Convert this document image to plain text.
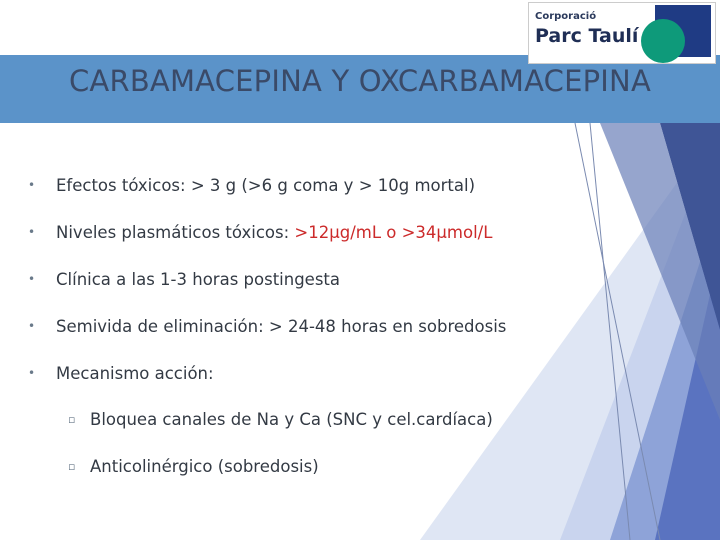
CARBAMACEPINA Y OXCARBAMACEPINA
Corporació
Parc Taulí
• Efectos tóxicos: > 3 g (>6 g coma y > 10g mortal)
• Niveles plasmáticos tóxicos: >12µg/mL o >34µmol/L
• Clínica a las 1-3 horas postingesta
• Semivida de eliminación: > 24-48 horas en sobredosis
• Mecanismo acción:
▫ Bloquea canales de Na y Ca (SNC y cel.cardíaca)
▫ Anticolinérgico (sobredosis)
